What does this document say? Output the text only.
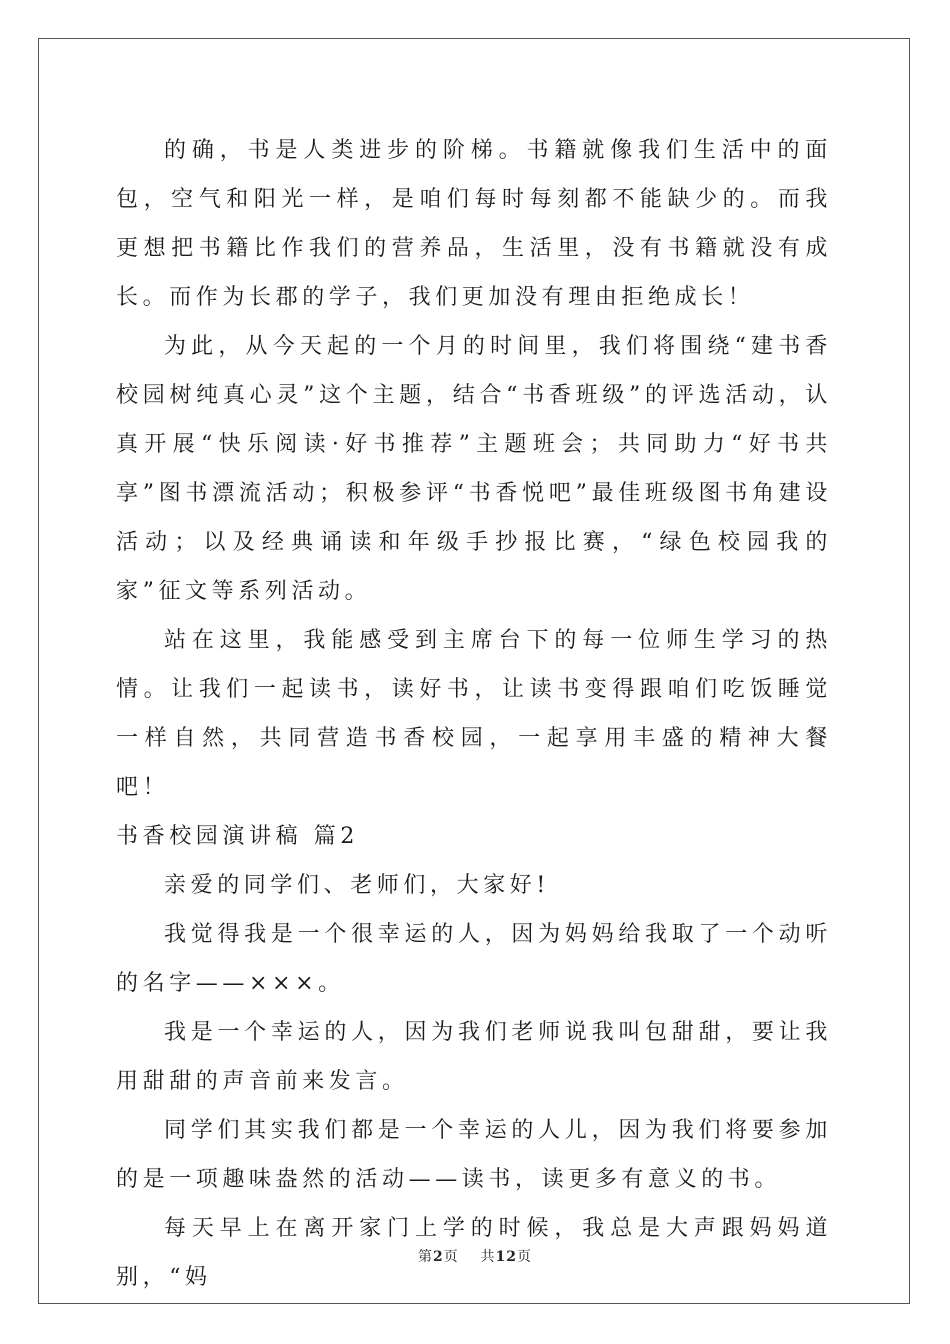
的确，书是人类进步的阶梯。书籍就像我们生活中的面包，空气和阳光一样，是咱们每时每刻都不能缺少的。而我更想把书籍比作我们的营养品，生活里，没有书籍就没有成长。而作为长郡的学子，我们更加没有理由拒绝成长！

为此，从今天起的一个月的时间里，我们将围绕“建书香校园树纯真心灵”这个主题，结合“书香班级”的评选活动，认真开展“快乐阅读·好书推荐”主题班会；共同助力“好书共享”图书漂流活动；积极参评“书香悦吧”最佳班级图书角建设活动；以及经典诵读和年级手抄报比赛，“绿色校园我的家”征文等系列活动。

站在这里，我能感受到主席台下的每一位师生学习的热情。让我们一起读书，读好书，让读书变得跟咱们吃饭睡觉一样自然，共同营造书香校园，一起享用丰盛的精神大餐吧！

书香校园演讲稿 篇2

亲爱的同学们、老师们，大家好!

我觉得我是一个很幸运的人，因为妈妈给我取了一个动听的名字——×××。

我是一个幸运的人，因为我们老师说我叫包甜甜，要让我用甜甜的声音前来发言。

同学们其实我们都是一个幸运的人儿，因为我们将要参加的是一项趣味盎然的活动——读书，读更多有意义的书。

每天早上在离开家门上学的时候，我总是大声跟妈妈道别，“妈

第2页 共12页
